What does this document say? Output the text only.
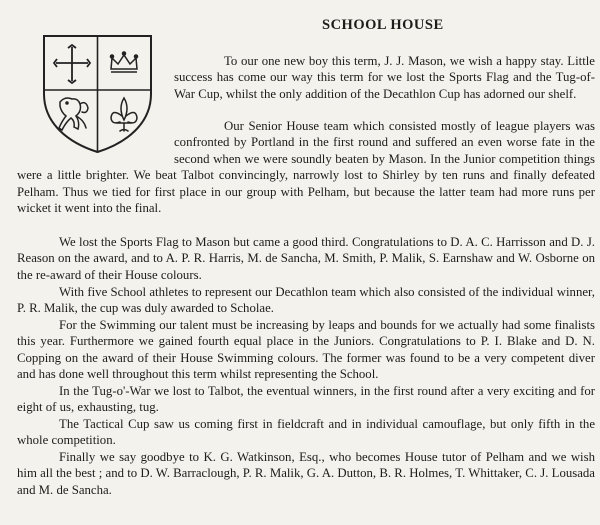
SCHOOL HOUSE

To our one new boy this term, J. J. Mason, we wish a happy stay. Little success has come our way this term for we lost the Sports Flag and the Tug-of-War Cup, whilst the only addition of the Decathlon Cup has adorned our shelf.

Our Senior House team which consisted mostly of league players was confronted by Portland in the first round and suffered an even worse fate in the second when we were soundly beaten by Mason. In the Junior competition things were a little brighter. We beat Talbot convincingly, narrowly lost to Shirley by ten runs and finally defeated Pelham. Thus we tied for first place in our group with Pelham, but because the latter team had more runs per wicket it went into the final.

We lost the Sports Flag to Mason but came a good third. Congratulations to D. A. C. Harrisson and D. J. Reason on the award, and to A. P. R. Harris, M. de Sancha, M. Smith, P. Malik, S. Earnshaw and W. Osborne on the re-award of their House colours.

With five School athletes to represent our Decathlon team which also consisted of the individual winner, P. R. Malik, the cup was duly awarded to Scholae.

For the Swimming our talent must be increasing by leaps and bounds for we actually had some finalists this year. Furthermore we gained fourth equal place in the Juniors. Congratulations to P. I. Blake and D. N. Copping on the award of their House Swimming colours. The former was found to be a very competent diver and has done well throughout this term whilst representing the School.

In the Tug-o'-War we lost to Talbot, the eventual winners, in the first round after a very exciting and for eight of us, exhausting, tug.

The Tactical Cup saw us coming first in fieldcraft and in individual camouflage, but only fifth in the whole competition.

Finally we say goodbye to K. G. Watkinson, Esq., who becomes House tutor of Pelham and we wish him all the best ; and to D. W. Barraclough, P. R. Malik, G. A. Dutton, B. R. Holmes, T. Whittaker, C. J. Lousada and M. de Sancha.
